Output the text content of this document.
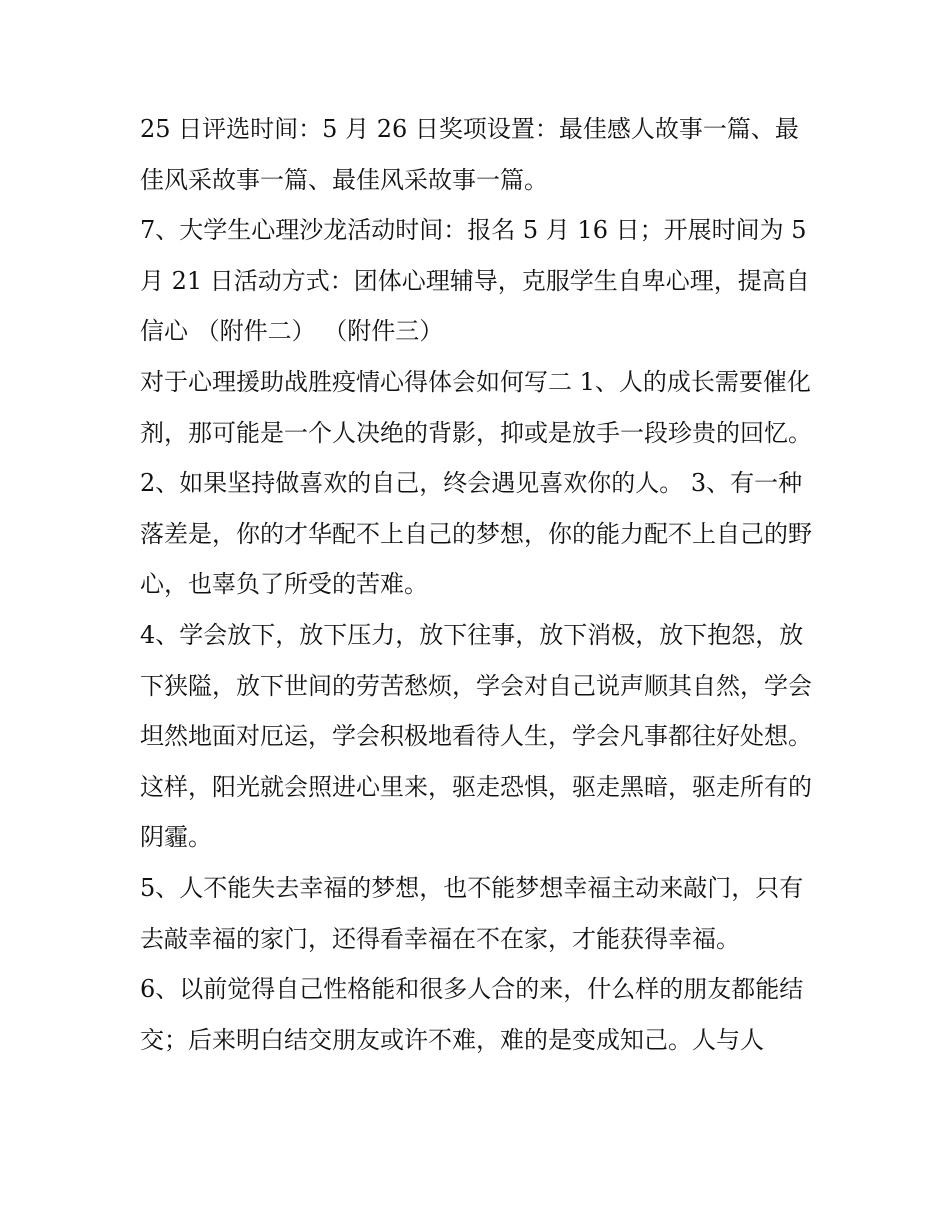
25 日评选时间：5 月 26 日奖项设置：最佳感人故事一篇、最佳风采故事一篇、最佳风采故事一篇。

7、大学生心理沙龙活动时间：报名 5 月 16 日；开展时间为 5 月 21 日活动方式：团体心理辅导，克服学生自卑心理，提高自信心 （附件二） （附件三）

对于心理援助战胜疫情心得体会如何写二 1、人的成长需要催化剂，那可能是一个人决绝的背影，抑或是放手一段珍贵的回忆。

2、如果坚持做喜欢的自己，终会遇见喜欢你的人。 3、有一种落差是，你的才华配不上自己的梦想，你的能力配不上自己的野心，也辜负了所受的苦难。

4、学会放下，放下压力，放下往事，放下消极，放下抱怨，放下狭隘，放下世间的劳苦愁烦，学会对自己说声顺其自然，学会坦然地面对厄运，学会积极地看待人生，学会凡事都往好处想。这样，阳光就会照进心里来，驱走恐惧，驱走黑暗，驱走所有的阴霾。

5、人不能失去幸福的梦想，也不能梦想幸福主动来敲门，只有去敲幸福的家门，还得看幸福在不在家，才能获得幸福。

6、以前觉得自己性格能和很多人合的来，什么样的朋友都能结交；后来明白结交朋友或许不难，难的是变成知己。人与人
